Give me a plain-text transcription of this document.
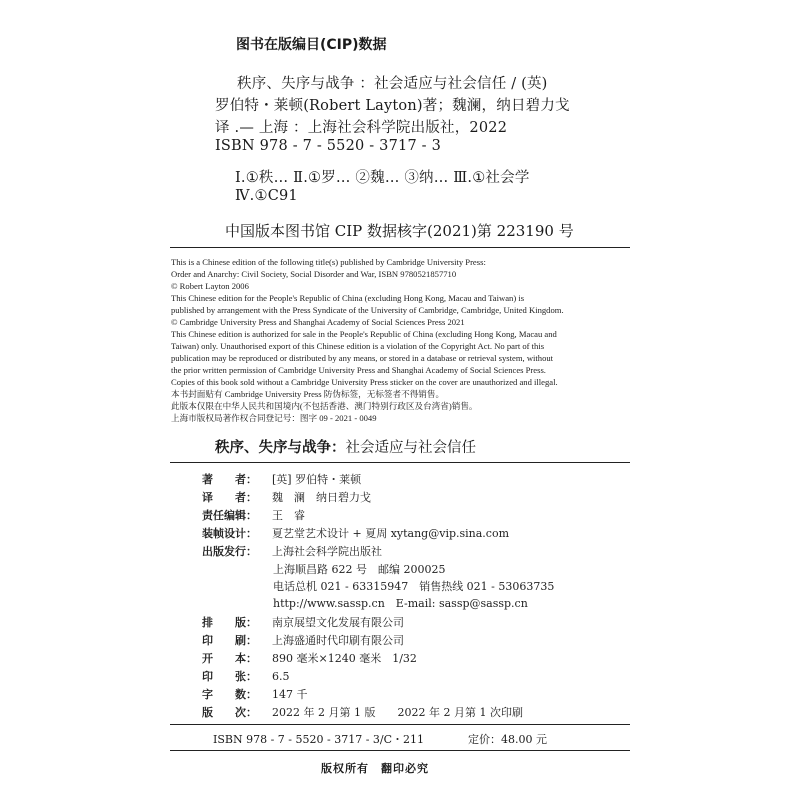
图书在版编目(CIP)数据
秩序、失序与战争 ：社会适应与社会信任 / (英)
罗伯特・莱顿(Robert Layton)著；魏澜，纳日碧力戈
译 .— 上海 ：上海社会科学院出版社，2022
ISBN 978 - 7 - 5520 - 3717 - 3
Ⅰ.①秩… Ⅱ.①罗… ②魏… ③纳… Ⅲ.①社会学
Ⅳ.①C91
中国版本图书馆 CIP 数据核字(2021)第 223190 号
This is a Chinese edition of the following title(s) published by Cambridge University Press:
Order and Anarchy: Civil Society, Social Disorder and War, ISBN 9780521857710
© Robert Layton 2006
This Chinese edition for the People's Republic of China (excluding Hong Kong, Macau and Taiwan) is
published by arrangement with the Press Syndicate of the University of Cambridge, Cambridge, United Kingdom.
© Cambridge University Press and Shanghai Academy of Social Sciences Press 2021
This Chinese edition is authorized for sale in the People's Republic of China (excluding Hong Kong, Macau and
Taiwan) only. Unauthorised export of this Chinese edition is a violation of the Copyright Act. No part of this
publication may be reproduced or distributed by any means, or stored in a database or retrieval system, without
the prior written permission of Cambridge University Press and Shanghai Academy of Social Sciences Press.
Copies of this book sold without a Cambridge University Press sticker on the cover are unauthorized and illegal.
本书封面贴有 Cambridge University Press 防伪标签，无标签者不得销售。
此版本仅限在中华人民共和国境内(不包括香港、澳门特别行政区及台湾省)销售。
上海市版权局著作权合同登记号：图字 09 - 2021 - 0049
秩序、失序与战争：社会适应与社会信任
著　　者： [英] 罗伯特・莱顿
译　　者： 魏　澜　纳日碧力戈
责任编辑： 王　睿
装帧设计： 夏艺堂艺术设计 + 夏周 xytang@vip.sina.com
出版发行： 上海社会科学院出版社
上海顺昌路 622 号　邮编 200025
电话总机 021 - 63315947　销售热线 021 - 53063735
http://www.sassp.cn　E-mail: sassp@sassp.cn
排　　版： 南京展望文化发展有限公司
印　　刷： 上海盛通时代印刷有限公司
开　　本： 890 毫米×1240 毫米　1/32
印　　张： 6.5
字　　数： 147 千
版　　次： 2022 年 2 月第 1 版　　2022 年 2 月第 1 次印刷
ISBN 978 - 7 - 5520 - 3717 - 3/C・211	定价：48.00 元
版权所有　翻印必究
